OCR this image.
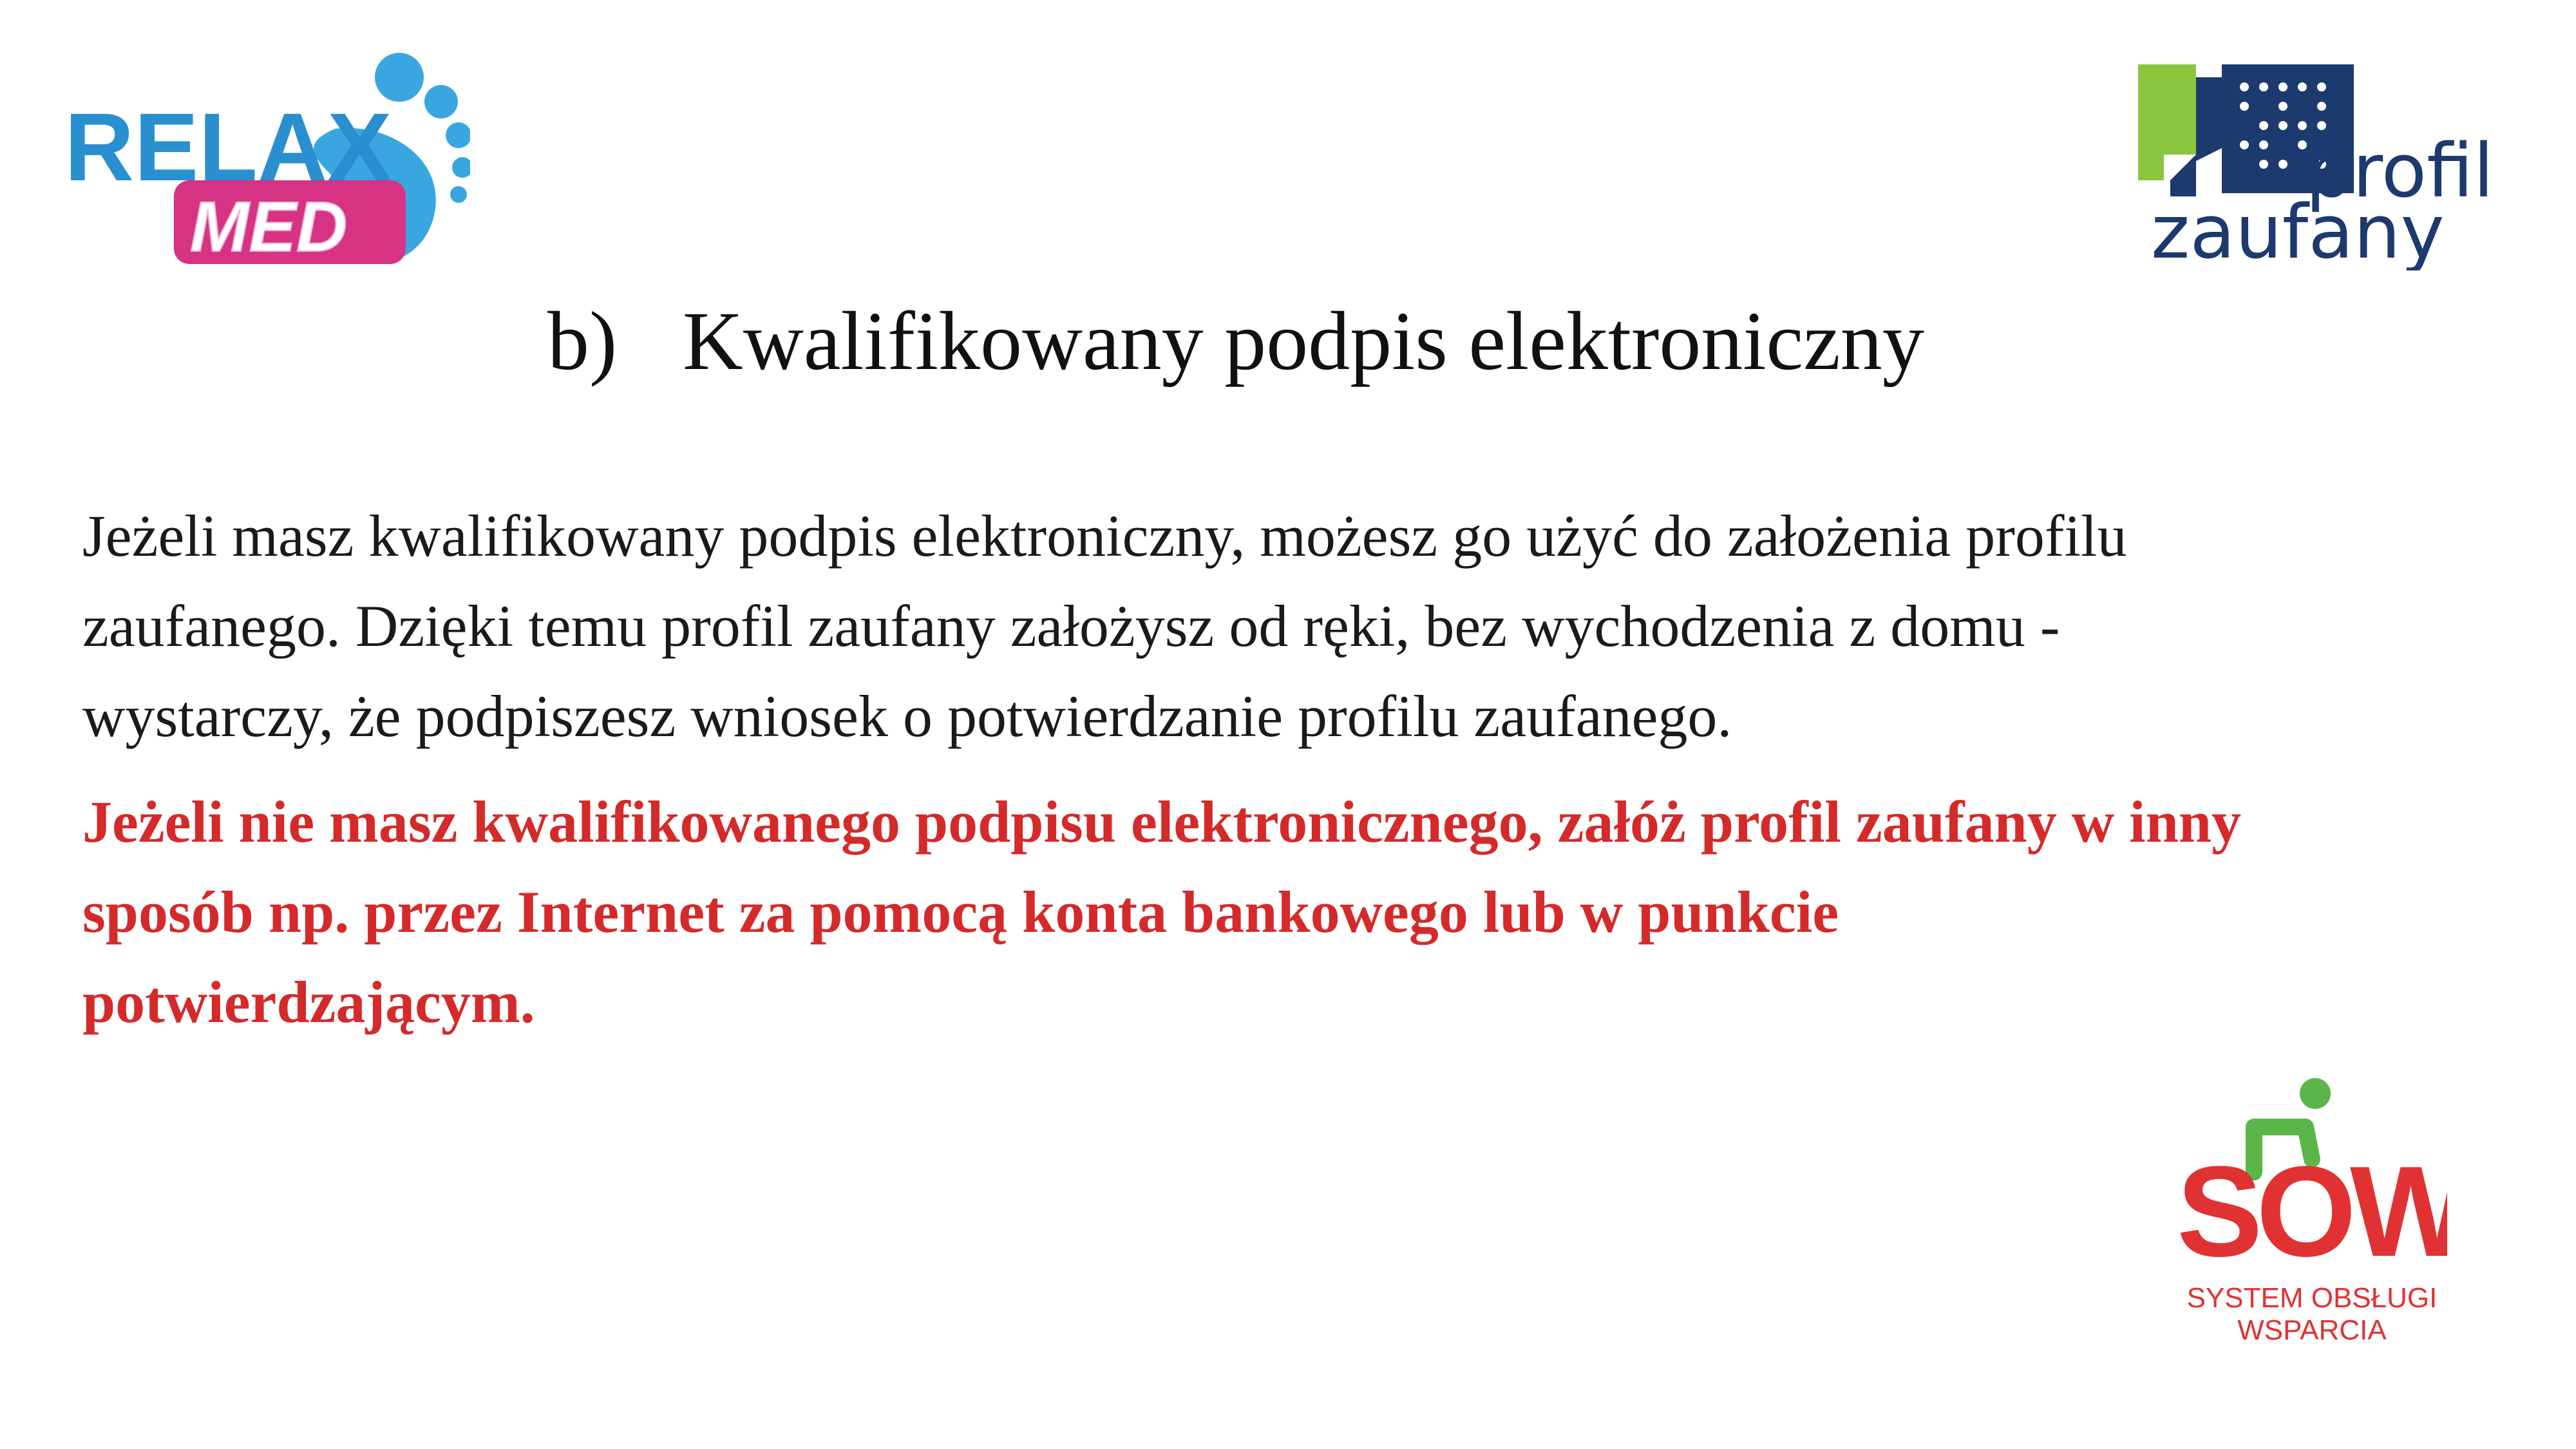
RELAX
MED
profil
zaufany
SOW
SYSTEM OBSŁUGI
WSPARCIA
b) Kwalifikowany podpis elektroniczny

Jeżeli masz kwalifikowany podpis elektroniczny, możesz go użyć do założenia profilu
zaufanego. Dzięki temu profil zaufany założysz od ręki, bez wychodzenia z domu -
wystarczy, że podpiszesz wniosek o potwierdzanie profilu zaufanego.

Jeżeli nie masz kwalifikowanego podpisu elektronicznego, załóż profil zaufany w inny
sposób np. przez Internet za pomocą konta bankowego lub w punkcie
potwierdzającym.
